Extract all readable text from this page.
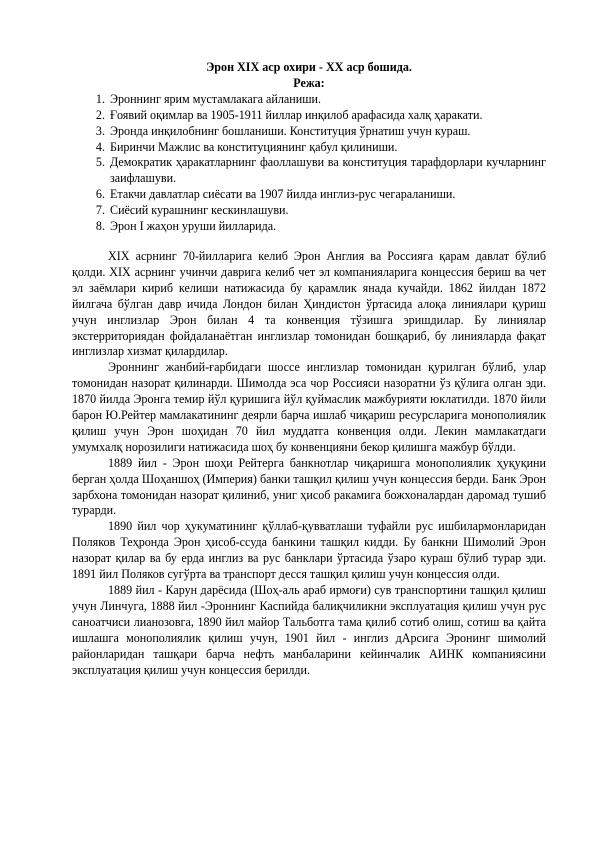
Эрон XIX аср охири - XX аср бошида.
Режа:
1. Эроннинг ярим мустамлакага айланиши.
2. Ғоявий оқимлар ва 1905-1911 йиллар инқилоб арафасида халқ ҳаракати.
3. Эронда инқилобнинг бошланиши. Конституция ўрнатиш учун кураш.
4. Биринчи Мажлис ва конституциянинг қабул қилиниши.
5. Демократик ҳаракатларнинг фаоллашуви ва конституция тарафдорлари кучларнинг заифлашуви.
6. Етакчи давлатлар сиёсати ва 1907 йилда инглиз-рус чегараланиши.
7. Сиёсий курашнинг кескинлашуви.
8. Эрон I жаҳон уруши йилларида.

XIX асрнинг 70-йилларига келиб Эрон Англия ва Россияга қарам давлат бўлиб қолди. XIX асрнинг учинчи даврига келиб чет эл компанияларига концессия бериш ва чет эл заёмлари кириб келиши натижасида бу қарамлик янада кучайди. 1862 йилдан 1872 йилгача бўлган давр ичида Лондон билан Ҳиндистон ўртасида алоқа линиялари қуриш учун инглизлар Эрон билан 4 та конвенция тўзишга эришдилар. Бу линиялар экстерриториядан фойдаланаётган инглизлар томонидан бошқариб, бу линияларда фақат инглизлар хизмат қилардилар.

Эроннинг жанбий-ғарбидаги шоссе инглизлар томонидан қурилган бўлиб, улар томонидан назорат қилинарди. Шимолда эса чор Россияси назоратни ўз қўлига олган эди. 1870 йилда Эронга темир йўл қуришига йўл қуймаслик мажбурияти юклатилди. 1870 йили барон Ю.Рейтер мамлакатининг деярли барча ишлаб чиқариш ресурсларига монополиялик қилиш учун Эрон шоҳидан 70 йил муддатга конвенция олди. Лекин мамлакатдаги умумхалқ норозилиги натижасида шоҳ бу конвенцияни бекор қилишга мажбур бўлди.

1889 йил - Эрон шоҳи Рейтерга банкнотлар чиқаришга монополиялик ҳуқуқини берган ҳолда Шоҳаншоҳ (Империя) банки ташқил қилиш учун концессия берди. Банк Эрон зарбхона томонидан назорат қилиниб, униг ҳисоб ракамига божхоналардан даромад тушиб турарди.

1890 йил чор ҳукуматининг қўллаб-қувватлаши туфайли рус ишбилармонларидан Поляков Теҳронда Эрон ҳисоб-ссуда банкини ташқил кидди. Бу банкни Шимолий Эрон назорат қилар ва бу ерда инглиз ва рус банклари ўртасида ўзаро кураш бўлиб турар эди. 1891 йил Поляков сугўрта ва транспорт десся ташқил қилиш учун концессия олди.

1889 йил - Карун дарёсида (Шоҳ-аль араб ирмоғи) сув транспортини ташқил қилиш учун Линчуга, 1888 йил -Эроннинг Каспийда балиқчиликни эксплуатация қилиш учун рус саноатчиси лианозовга, 1890 йил майор Тальботга тама қилиб сотиб олиш, сотиш ва қайта ишлашга монополиялик қилиш учун, 1901 йил - инглиз дАрсига Эронинг шимолий районларидан ташқари барча нефть манбаларини кейинчалик АИНК компаниясини эксплуатация қилиш учун концессия берилди.
